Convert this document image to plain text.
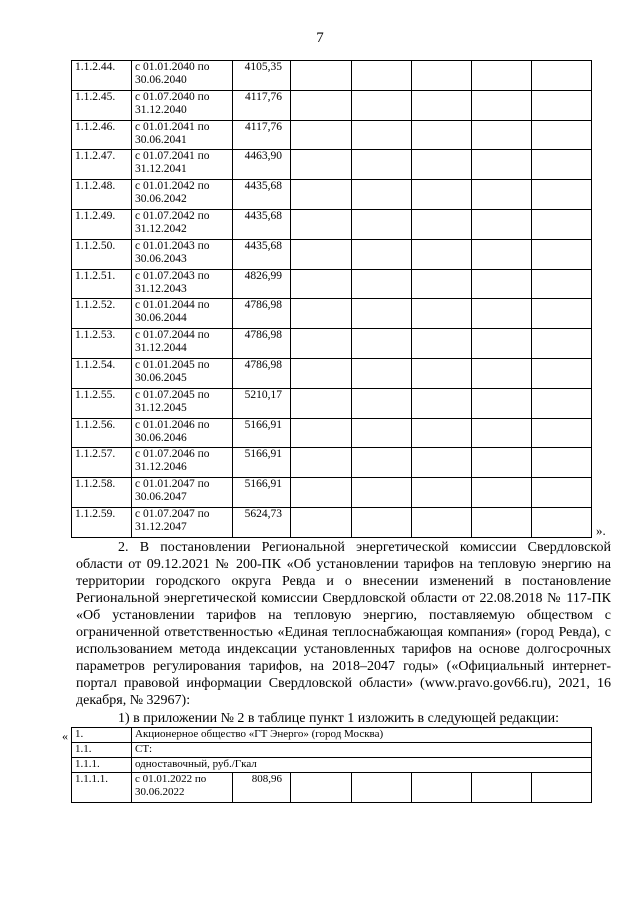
7
1.1.2.44.	с 01.01.2040 по
30.06.2040	4105,35					
1.1.2.45.	с 01.07.2040 по
31.12.2040	4117,76					
1.1.2.46.	с 01.01.2041 по
30.06.2041	4117,76					
1.1.2.47.	с 01.07.2041 по
31.12.2041	4463,90					
1.1.2.48.	с 01.01.2042 по
30.06.2042	4435,68					
1.1.2.49.	с 01.07.2042 по
31.12.2042	4435,68					
1.1.2.50.	с 01.01.2043 по
30.06.2043	4435,68					
1.1.2.51.	с 01.07.2043 по
31.12.2043	4826,99					
1.1.2.52.	с 01.01.2044 по
30.06.2044	4786,98					
1.1.2.53.	с 01.07.2044 по
31.12.2044	4786,98					
1.1.2.54.	с 01.01.2045 по
30.06.2045	4786,98					
1.1.2.55.	с 01.07.2045 по
31.12.2045	5210,17					
1.1.2.56.	с 01.01.2046 по
30.06.2046	5166,91					
1.1.2.57.	с 01.07.2046 по
31.12.2046	5166,91					
1.1.2.58.	с 01.01.2047 по
30.06.2047	5166,91					
1.1.2.59.	с 01.07.2047 по
31.12.2047	5624,73					
».
2. В постановлении Региональной энергетической комиссии Свердловской области от 09.12.2021 № 200-ПК «Об установлении тарифов на тепловую энергию на территории городского округа Ревда и о внесении изменений в постановление Региональной энергетической комиссии Свердловской области от 22.08.2018 № 117-ПК «Об установлении тарифов на тепловую энергию, поставляемую обществом с ограниченной ответственностью «Единая теплоснабжающая компания» (город Ревда), с использованием метода индексации установленных тарифов на основе долгосрочных параметров регулирования тарифов, на 2018–2047 годы» («Официальный интернет-портал правовой информации Свердловской области» (www.pravo.gov66.ru), 2021, 16 декабря, № 32967):
1) в приложении № 2 в таблице пункт 1 изложить в следующей редакции:
« 1.	Акционерное общество «ГТ Энерго» (город Москва)						
1.1.	СТ:						
1.1.1.	одноставочный, руб./Гкал						
1.1.1.1.	с 01.01.2022 по
30.06.2022	808,96					
